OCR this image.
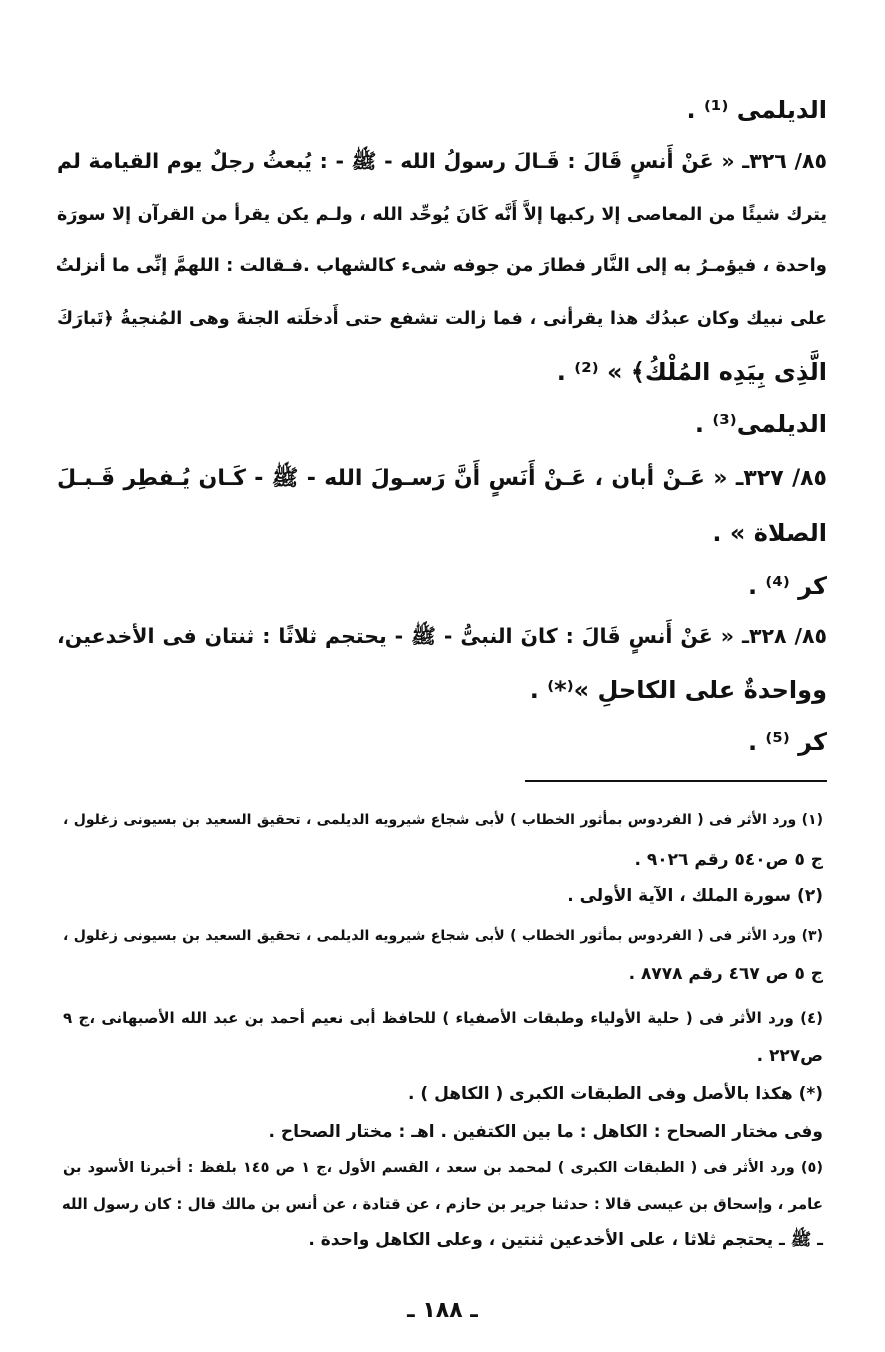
الديلمى ⁽¹⁾ .
٨٥/ ٣٢٦ـ « عَنْ أَنسٍ قَالَ : قَـالَ رسولُ الله - ﷺ - : يُبعثُ رجلٌ يوم القيامة لم
يترك شيئًا من المعاصى إلا ركبها إلاَّ أَنَّه كَانَ يُوحِّد الله ، ولـم يكن يقرأ من القرآن إلا سورَة
واحدة ، فيؤمـرُ به إلى النَّار فطارَ من جوفه شىء كالشهاب .فـقالت : اللهمَّ إنِّى ما أنزلتُ
على نبيك وكان عبدُك هذا يقرأنى ، فما زالت تشفع حتى أَدخلَته الجنةَ وهى المُنجيةُ ﴿تَبارَكَ
الَّذِى بِيَدِه المُلْكُ﴾ » ⁽²⁾ .
الديلمى⁽³⁾ .
٨٥/ ٣٢٧ـ « عَـنْ أبان ، عَـنْ أَنَسٍ أَنَّ رَسـولَ الله - ﷺ - كَـان يُـفطِر قَـبـلَ
الصلاة » .
كر ⁽⁴⁾ .
٨٥/ ٣٢٨ـ « عَنْ أَنسٍ قَالَ : كانَ النبىُّ - ﷺ - يحتجم ثلاثًا : ثنتان فى الأخدعين،
وواحدةٌ على الكاحلِ »⁽*⁾ .
كر ⁽⁵⁾ .
(١) ورد الأثر فى ( الفردوس بمأثور الخطاب ) لأبى شجاع شيرويه الديلمى ، تحقيق السعيد بن بسيونى زغلول ،
ج ٥ ص٥٤٠ رقم ٩٠٢٦ .
(٢) سورة الملك ، الآية الأولى .
(٣) ورد الأثر فى ( الفردوس بمأثور الخطاب ) لأبى شجاع شيرويه الديلمى ، تحقيق السعيد بن بسيونى زغلول ،
ج ٥ ص ٤٦٧ رقم ٨٧٧٨ .
(٤) ورد الأثر فى ( حلية الأولياء وطبقات الأصفياء ) للحافظ أبى نعيم أحمد بن عبد الله الأصبهانى ،ج ٩
ص٢٢٧ .
(*) هكذا بالأصل وفى الطبقات الكبرى ( الكاهل ) .
وفى مختار الصحاح : الكاهل : ما بين الكتفين . اهـ : مختار الصحاح .
(٥) ورد الأثر فى ( الطبقات الكبرى ) لمحمد بن سعد ، القسم الأول ،ج ١ ص ١٤٥ بلفظ : أخبرنا الأسود بن
عامر ، وإسحاق بن عيسى قالا : حدثنا جرير بن حازم ، عن قتادة ، عن أنس بن مالك قال : كان رسول الله
ـ ﷺ ـ يحتجم ثلاثا ، على الأخدعين ثنتين ، وعلى الكاهل واحدة .
ـ ١٨٨ ـ
